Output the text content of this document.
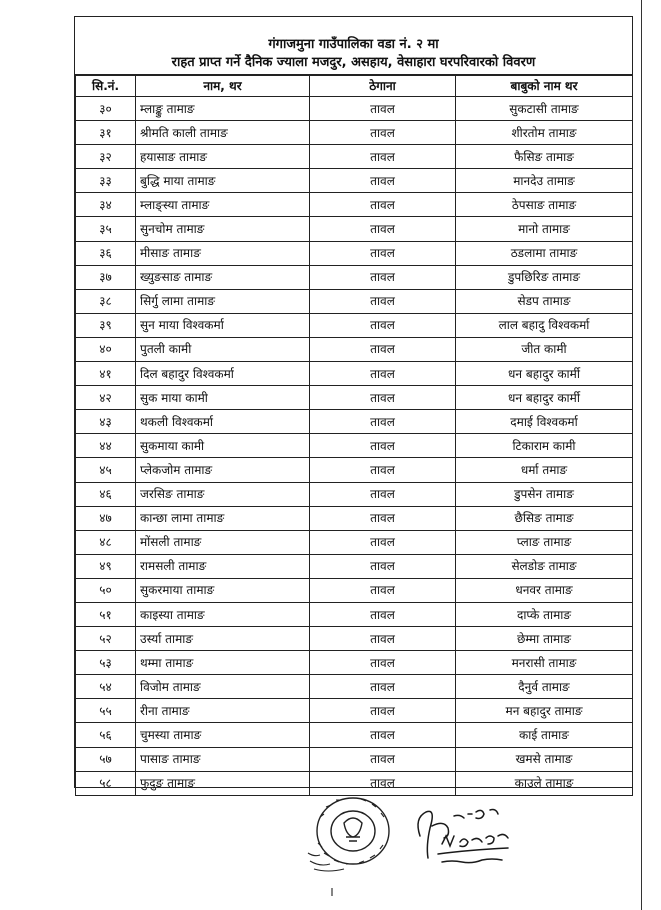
गंगाजमुना गाउँपालिका वडा नं. २ मा
राहत प्राप्त गर्ने दैनिक ज्याला मजदुर, असहाय, वेसाहारा घरपरिवारको विवरण
सि.नं.	नाम, थर	ठेगाना	बाबुको नाम थर
३०	म्लाङ्कु तामाङ	तावल	सुकटासी तामाङ
३१	श्रीमति काली तामाङ	तावल	शीरतोम तामाङ
३२	हयासाङ तामाङ	तावल	फैसिङ तामाङ
३३	बुद्धि माया तामाङ	तावल	मानदेउ तामाङ
३४	म्लाङ्स्या तामाङ	तावल	ठेपसाङ तामाङ
३५	सुनचोम तामाङ	तावल	मानो तामाङ
३६	मीसाङ तामाङ	तावल	ठडलामा तामाङ
३७	ख्युङसाङ तामाङ	तावल	डुपछिरिङ तामाङ
३८	सिर्गु लामा तामाङ	तावल	सेडप तामाङ
३९	सुन माया विश्वकर्मा	तावल	लाल बहादु विश्वकर्मा
४०	पुतली कामी	तावल	जीत कामी
४१	दिल बहादुर विश्वकर्मा	तावल	धन बहादुर कार्मी
४२	सुक माया कामी	तावल	धन बहादुर कार्मी
४३	थकली विश्वकर्मा	तावल	दमाई विश्वकर्मा
४४	सुकमाया कामी	तावल	टिकाराम कामी
४५	प्लेकजोम तामाङ	तावल	धर्मा तमाङ
४६	जरसिङ तामाङ	तावल	डुपसेन तामाङ
४७	कान्छा लामा तामाङ	तावल	छैसिङ तामाङ
४८	मोंसली तामाङ	तावल	प्लाङ तामाङ
४९	रामसली तामाङ	तावल	सेलडोङ तामाङ
५०	सुकरमाया तामाङ	तावल	धनवर तामाङ
५१	काइस्या तामाङ	तावल	दाप्के तामाङ
५२	उर्स्या तामाङ	तावल	छेम्मा तामाङ
५३	थम्मा तामाङ	तावल	मनरासी तामाङ
५४	विजोम तामाङ	तावल	दैनुर्व तामाङ
५५	रीना तामाङ	तावल	मन बहादुर तामाङ
५६	चुमस्या तामाङ	तावल	काई तामाङ
५७	पासाङ तामाङ	तावल	खमसे तामाङ
५८	फुदुङ तामाङ	तावल	काउले तामाङ
